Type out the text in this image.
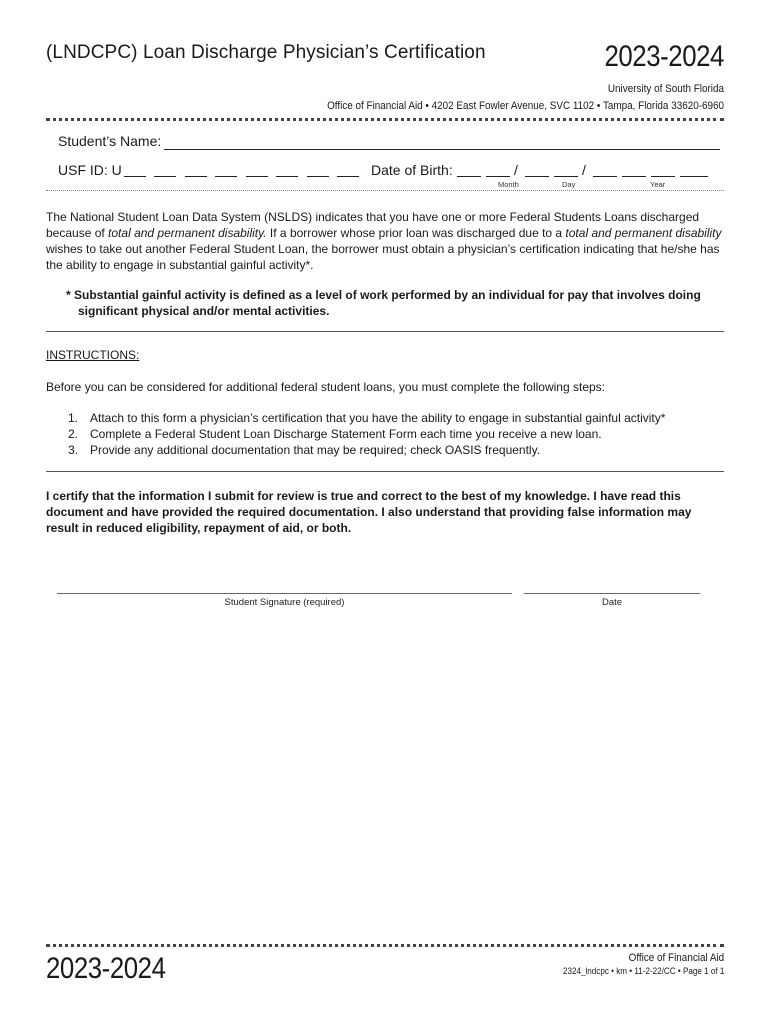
(LNDCPC) Loan Discharge Physician’s Certification	2023-2024
University of South Florida
Office of Financial Aid • 4202 East Fowler Avenue, SVC 1102 • Tampa, Florida 33620-6960
Student’s Name:
USF ID: U
	Date of Birth:	/	/
Month	Day	Year
The National Student Loan Data System (NSLDS) indicates that you have one or more Federal Students Loans discharged because of total and permanent disability. If a borrower whose prior loan was discharged due to a total and permanent disability wishes to take out another Federal Student Loan, the borrower must obtain a physician’s certification indicating that he/she has the ability to engage in substantial gainful activity*.
* Substantial gainful activity is defined as a level of work performed by an individual for pay that involves doing significant physical and/or mental activities.
INSTRUCTIONS:
Before you can be considered for additional federal student loans, you must complete the following steps:
1. Attach to this form a physician’s certification that you have the ability to engage in substantial gainful activity*
2. Complete a Federal Student Loan Discharge Statement Form each time you receive a new loan.
3. Provide any additional documentation that may be required; check OASIS frequently.
I certify that the information I submit for review is true and correct to the best of my knowledge. I have read this document and have provided the required documentation. I also understand that providing false information may result in reduced eligibility, repayment of aid, or both.
Student Signature (required)	Date
2023-2024	Office of Financial Aid
2324_lndcpc • km • 11-2-22/CC • Page 1 of 1
